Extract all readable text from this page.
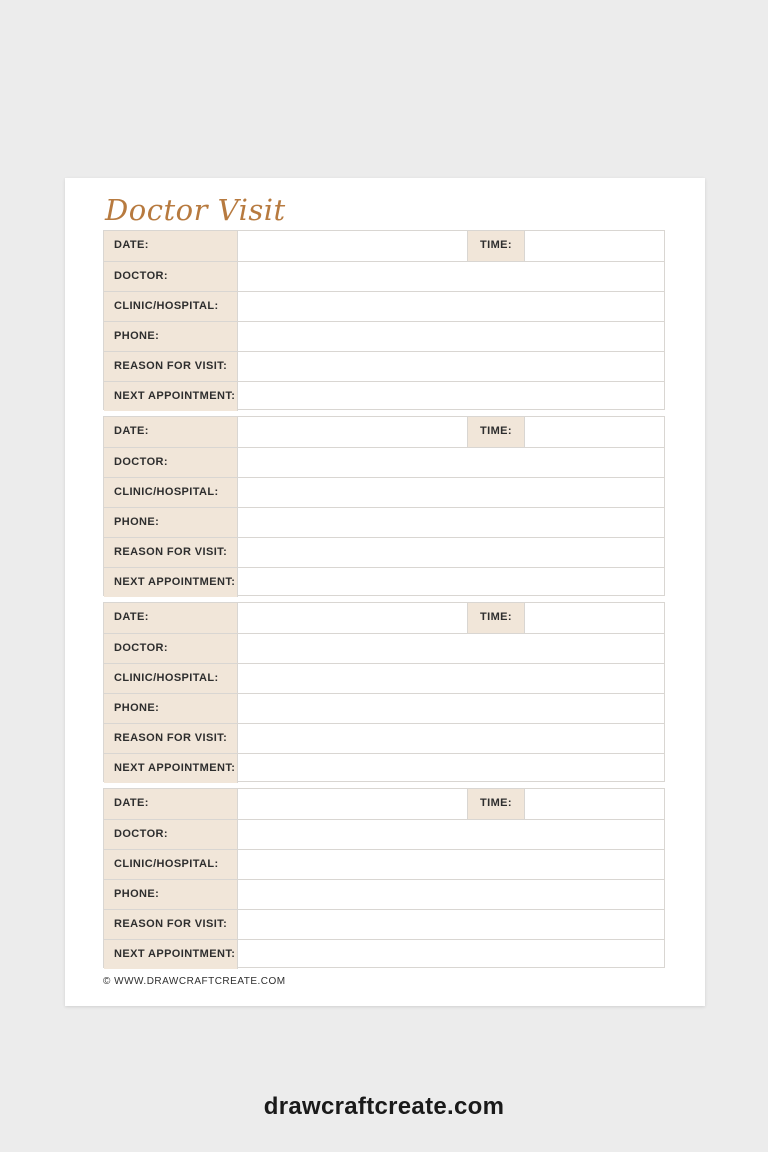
Doctor Visit
DATE:	TIME:
DOCTOR:
CLINIC/HOSPITAL:
PHONE:
REASON FOR VISIT:
NEXT APPOINTMENT:
DATE:	TIME:
DOCTOR:
CLINIC/HOSPITAL:
PHONE:
REASON FOR VISIT:
NEXT APPOINTMENT:
DATE:	TIME:
DOCTOR:
CLINIC/HOSPITAL:
PHONE:
REASON FOR VISIT:
NEXT APPOINTMENT:
DATE:	TIME:
DOCTOR:
CLINIC/HOSPITAL:
PHONE:
REASON FOR VISIT:
NEXT APPOINTMENT:
© WWW.DRAWCRAFTCREATE.COM
drawcraftcreate.com
